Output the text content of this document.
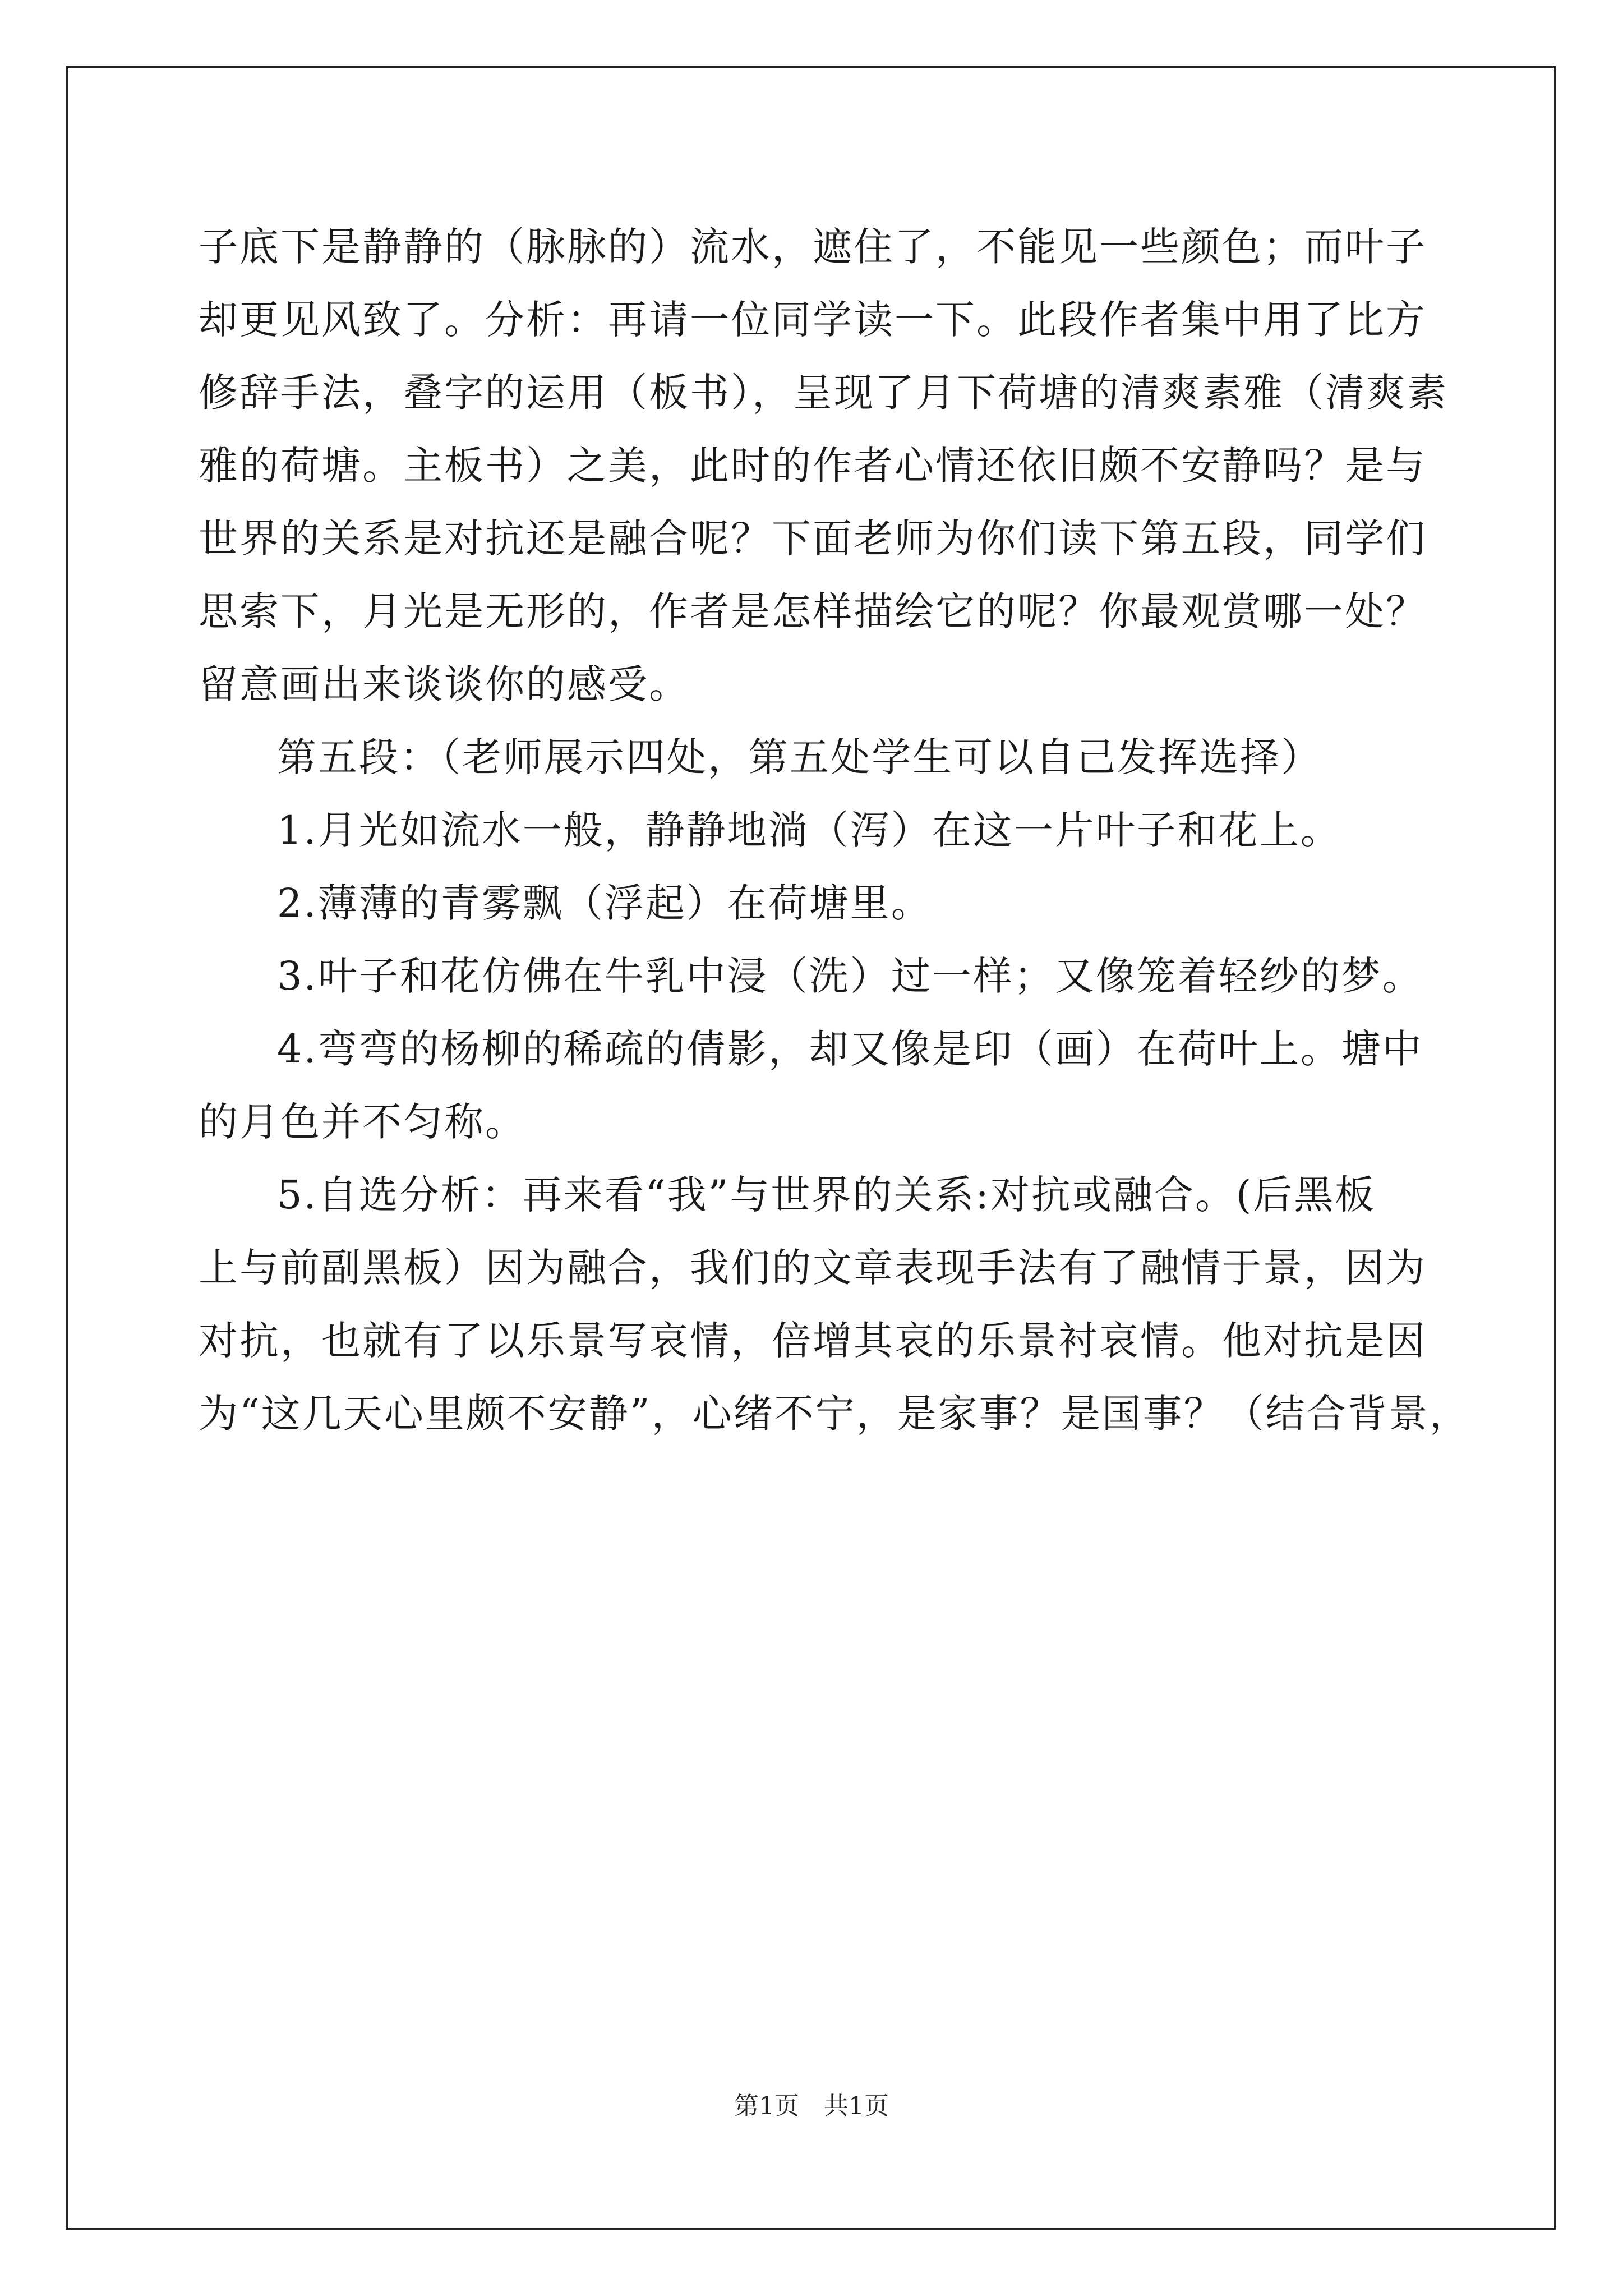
子底下是静静的（脉脉的）流水，遮住了，不能见一些颜色；而叶子
却更见风致了。分析：再请一位同学读一下。此段作者集中用了比方
修辞手法，叠字的运用（板书），呈现了月下荷塘的清爽素雅（清爽素
雅的荷塘。主板书）之美，此时的作者心情还依旧颇不安静吗？是与
世界的关系是对抗还是融合呢？下面老师为你们读下第五段，同学们
思索下，月光是无形的，作者是怎样描绘它的呢？你最观赏哪一处？
留意画出来谈谈你的感受。
第五段：（老师展示四处，第五处学生可以自己发挥选择）
1.月光如流水一般，静静地淌（泻）在这一片叶子和花上。
2.薄薄的青雾飘（浮起）在荷塘里。
3.叶子和花仿佛在牛乳中浸（洗）过一样；又像笼着轻纱的梦。
4.弯弯的杨柳的稀疏的倩影，却又像是印（画）在荷叶上。塘中
的月色并不匀称。
5.自选分析：再来看“我”与世界的关系:对抗或融合。(后黑板
上与前副黑板）因为融合，我们的文章表现手法有了融情于景，因为
对抗，也就有了以乐景写哀情，倍增其哀的乐景衬哀情。他对抗是因
为“这几天心里颇不安静”，心绪不宁，是家事？是国事？（结合背景，
第1页　共1页
